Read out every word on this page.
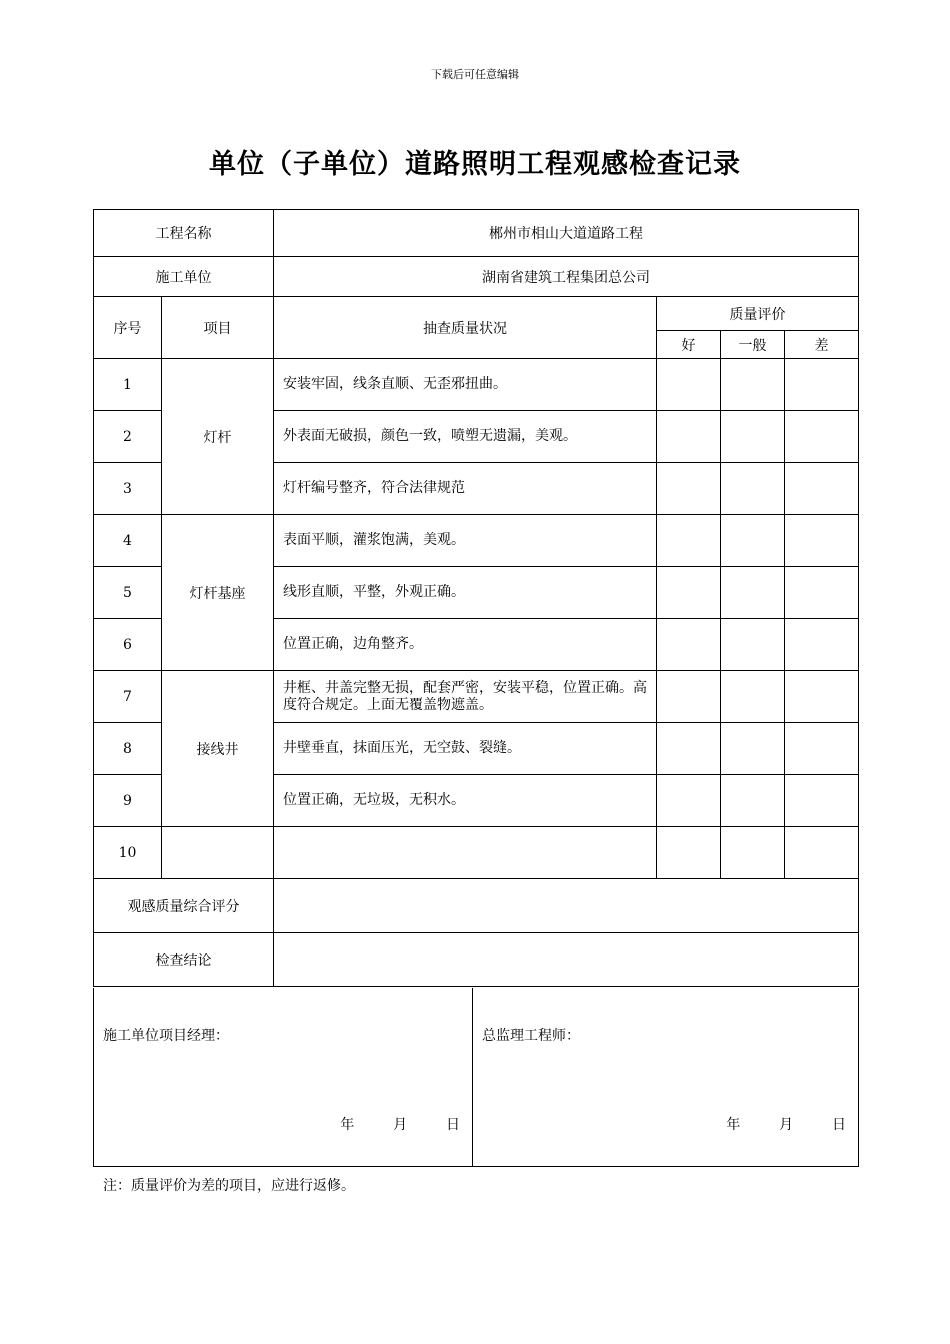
下载后可任意编辑
单位（子单位）道路照明工程观感检查记录
工程名称		郴州市相山大道道路工程			
施工单位		湖南省建筑工程集团总公司			
序号	项目	抽查质量状况	质量评价		
			好	一般	差
1	灯杆	安装牢固，线条直顺、无歪邪扭曲。			
2		外表面无破损，颜色一致，喷塑无遗漏，美观。			
3		灯杆编号整齐，符合法律规范			
4	灯杆基座	表面平顺，灌浆饱满，美观。			
5		线形直顺，平整，外观正确。			
6		位置正确，边角整齐。			
7	接线井	井框、井盖完整无损，配套严密，安装平稳，位置正确。高度符合规定。上面无覆盖物遮盖。			
8		井壁垂直，抹面压光，无空鼓、裂缝。			
9		位置正确，无垃圾，无积水。			
10					
观感质量综合评分					
检查结论					
施工单位项目经理：
年	月	日

总监理工程师：
年	月	日
注：质量评价为差的项目，应进行返修。
